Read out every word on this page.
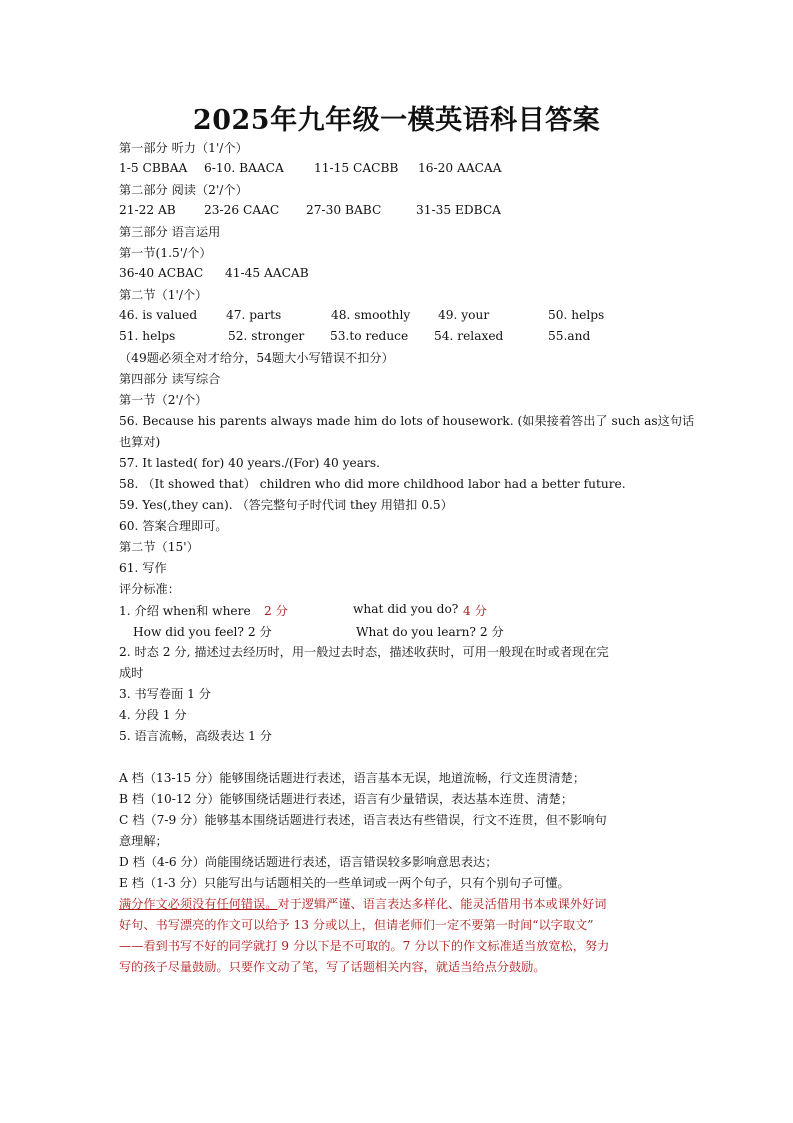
2025年九年级一模英语科目答案
第一部分 听力（1'/个）
1-5 CBBAA 6-10. BAACA 11-15 CACBB 16-20 AACAA
第二部分 阅读（2'/个）
21-22 AB 23-26 CAAC 27-30 BABC	31-35 EDBCA
第三部分 语言运用
第一节(1.5'/个）
36-40 ACBAC 41-45 AACAB
第二节（1'/个）
46. is valued 47. parts	48. smoothly 49. your	50. helps
51. helps	52. stronger 53.to reduce 54. relaxed	55.and
（49题必须全对才给分，54题大小写错误不扣分）
第四部分 读写综合
第一节（2'/个）
56. Because his parents always made him do lots of housework. (如果接着答出了 such as这句话
也算对)
57. It lasted( for) 40 years./(For) 40 years.
58. （It showed that） children who did more childhood labor had a better future.
59. Yes(,they can). （答完整句子时代词 they 用错扣 0.5）
60. 答案合理即可。
第二节（15'）
61. 写作
评分标准：
1. 介绍 when和 where 2 分	what did you do? 4 分
How did you feel? 2 分	What do you learn? 2 分
2. 时态 2 分, 描述过去经历时，用一般过去时态，描述收获时，可用一般现在时或者现在完
成时
3. 书写卷面 1 分
4. 分段 1 分
5. 语言流畅，高级表达 1 分
A 档（13-15 分）能够围绕话题进行表述，语言基本无误，地道流畅，行文连贯清楚；
B 档（10-12 分）能够围绕话题进行表述，语言有少量错误，表达基本连贯、清楚；
C 档（7-9 分）能够基本围绕话题进行表述，语言表达有些错误，行文不连贯，但不影响句
意理解；
D 档（4-6 分）尚能围绕话题进行表述，语言错误较多影响意思表达；
E 档（1-3 分）只能写出与话题相关的一些单词或一两个句子，只有个别句子可懂。
满分作文必须没有任何错误。对于逻辑严谨、语言表达多样化、能灵活借用书本或课外好词
好句、书写漂亮的作文可以给予 13 分或以上，但请老师们一定不要第一时间“以字取文”
——看到书写不好的同学就打 9 分以下是不可取的。7 分以下的作文标准适当放宽松，努力
写的孩子尽量鼓励。只要作文动了笔，写了话题相关内容，就适当给点分鼓励。
